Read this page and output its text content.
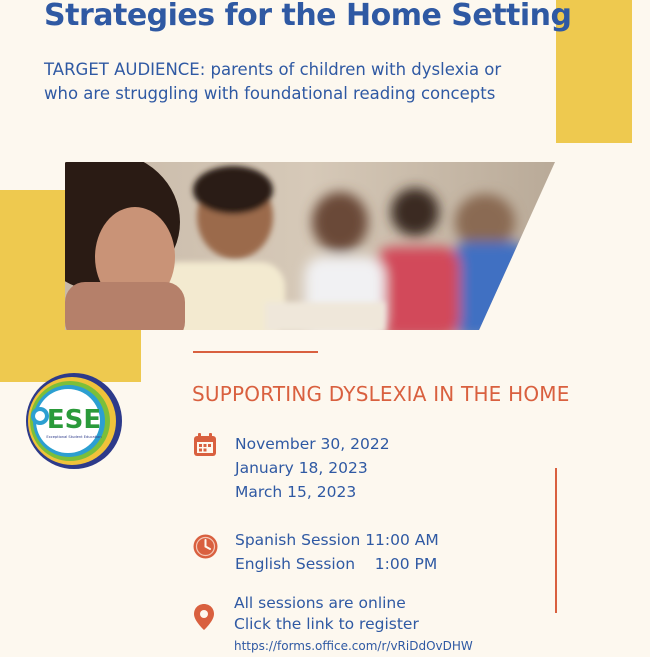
Strategies for the Home Setting
TARGET AUDIENCE: parents of children with dyslexia or who are struggling with foundational reading concepts
SUPPORTING DYSLEXIA IN THE HOME
ESE
Exceptional Student Education	November 30, 2022
January 18, 2023
March 15, 2023
Spanish Session 11:00 AM
English Session    1:00 PM
All sessions are online
Click the link to register
https://forms.office.com/r/vRiDdOvDHW
